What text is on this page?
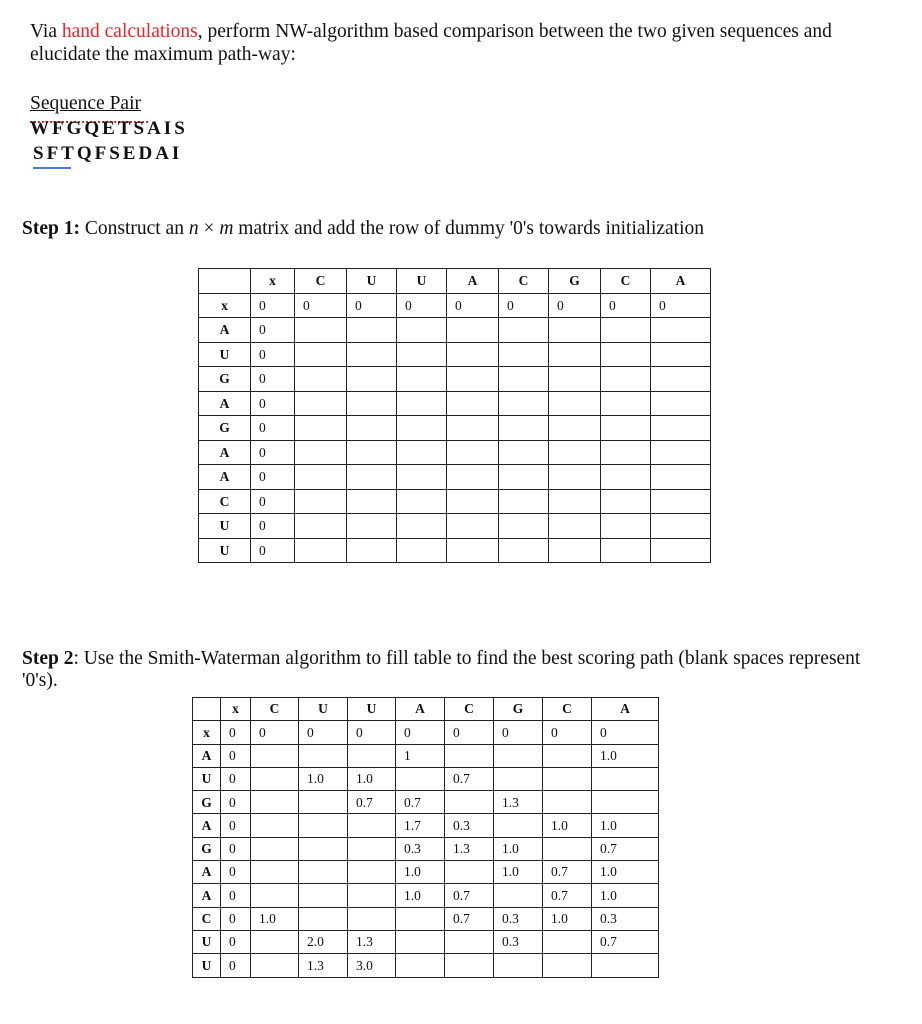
Via hand calculations, perform NW-algorithm based comparison between the two given sequences and elucidate the maximum path-way:
Sequence Pair
WFGQETSAIS
SFTQFSEDAI
Step 1: Construct an n × m matrix and add the row of dummy '0's towards initialization
	x	C	U	U	A	C	G	C	A
x	0	0	0	0	0	0	0	0	0
A	0								
U	0								
G	0								
A	0								
G	0								
A	0								
A	0								
C	0								
U	0								
U	0								
Step 2: Use the Smith-Waterman algorithm to fill table to find the best scoring path (blank spaces represent '0's).
	x	C	U	U	A	C	G	C	A
x	0	0	0	0	0	0	0	0	0
A	0				1				1.0
U	0		1.0	1.0		0.7			
G	0			0.7	0.7		1.3		
A	0				1.7	0.3		1.0	1.0
G	0				0.3	1.3	1.0		0.7
A	0				1.0		1.0	0.7	1.0
A	0				1.0	0.7		0.7	1.0
C	0	1.0				0.7	0.3	1.0	0.3
U	0		2.0	1.3			0.3		0.7
U	0		1.3	3.0					
